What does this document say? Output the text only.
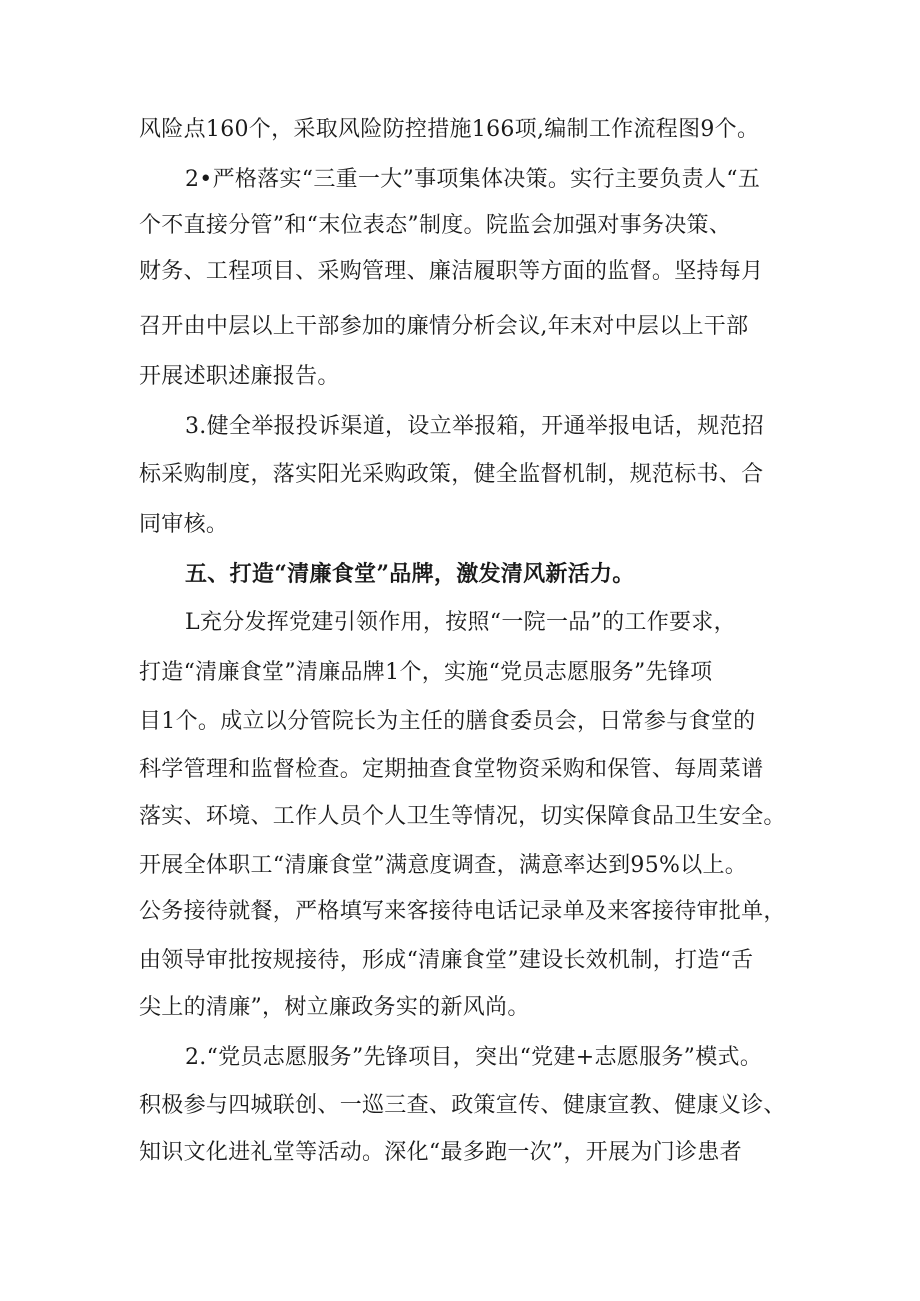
风险点160个，采取风险防控措施166项,编制工作流程图9个。
2•严格落实“三重一大”事项集体决策。实行主要负责人“五
个不直接分管”和“末位表态”制度。院监会加强对事务决策、
财务、工程项目、采购管理、廉洁履职等方面的监督。坚持每月
召开由中层以上干部参加的廉情分析会议,年末对中层以上干部
开展述职述廉报告。
3.健全举报投诉渠道，设立举报箱，开通举报电话，规范招
标采购制度，落实阳光采购政策，健全监督机制，规范标书、合
同审核。
五、打造“清廉食堂”品牌，激发清风新活力。
L充分发挥党建引领作用，按照“一院一品”的工作要求，
打造“清廉食堂”清廉品牌1个，实施“党员志愿服务”先锋项
目1个。成立以分管院长为主任的膳食委员会，日常参与食堂的
科学管理和监督检查。定期抽查食堂物资采购和保管、每周菜谱
落实、环境、工作人员个人卫生等情况，切实保障食品卫生安全。
开展全体职工“清廉食堂”满意度调查，满意率达到95%以上。
公务接待就餐，严格填写来客接待电话记录单及来客接待审批单，
由领导审批按规接待，形成“清廉食堂”建设长效机制，打造“舌
尖上的清廉”，树立廉政务实的新风尚。
2.“党员志愿服务”先锋项目，突出“党建+志愿服务”模式。
积极参与四城联创、一巡三查、政策宣传、健康宣教、健康义诊、
知识文化进礼堂等活动。深化“最多跑一次”，开展为门诊患者
